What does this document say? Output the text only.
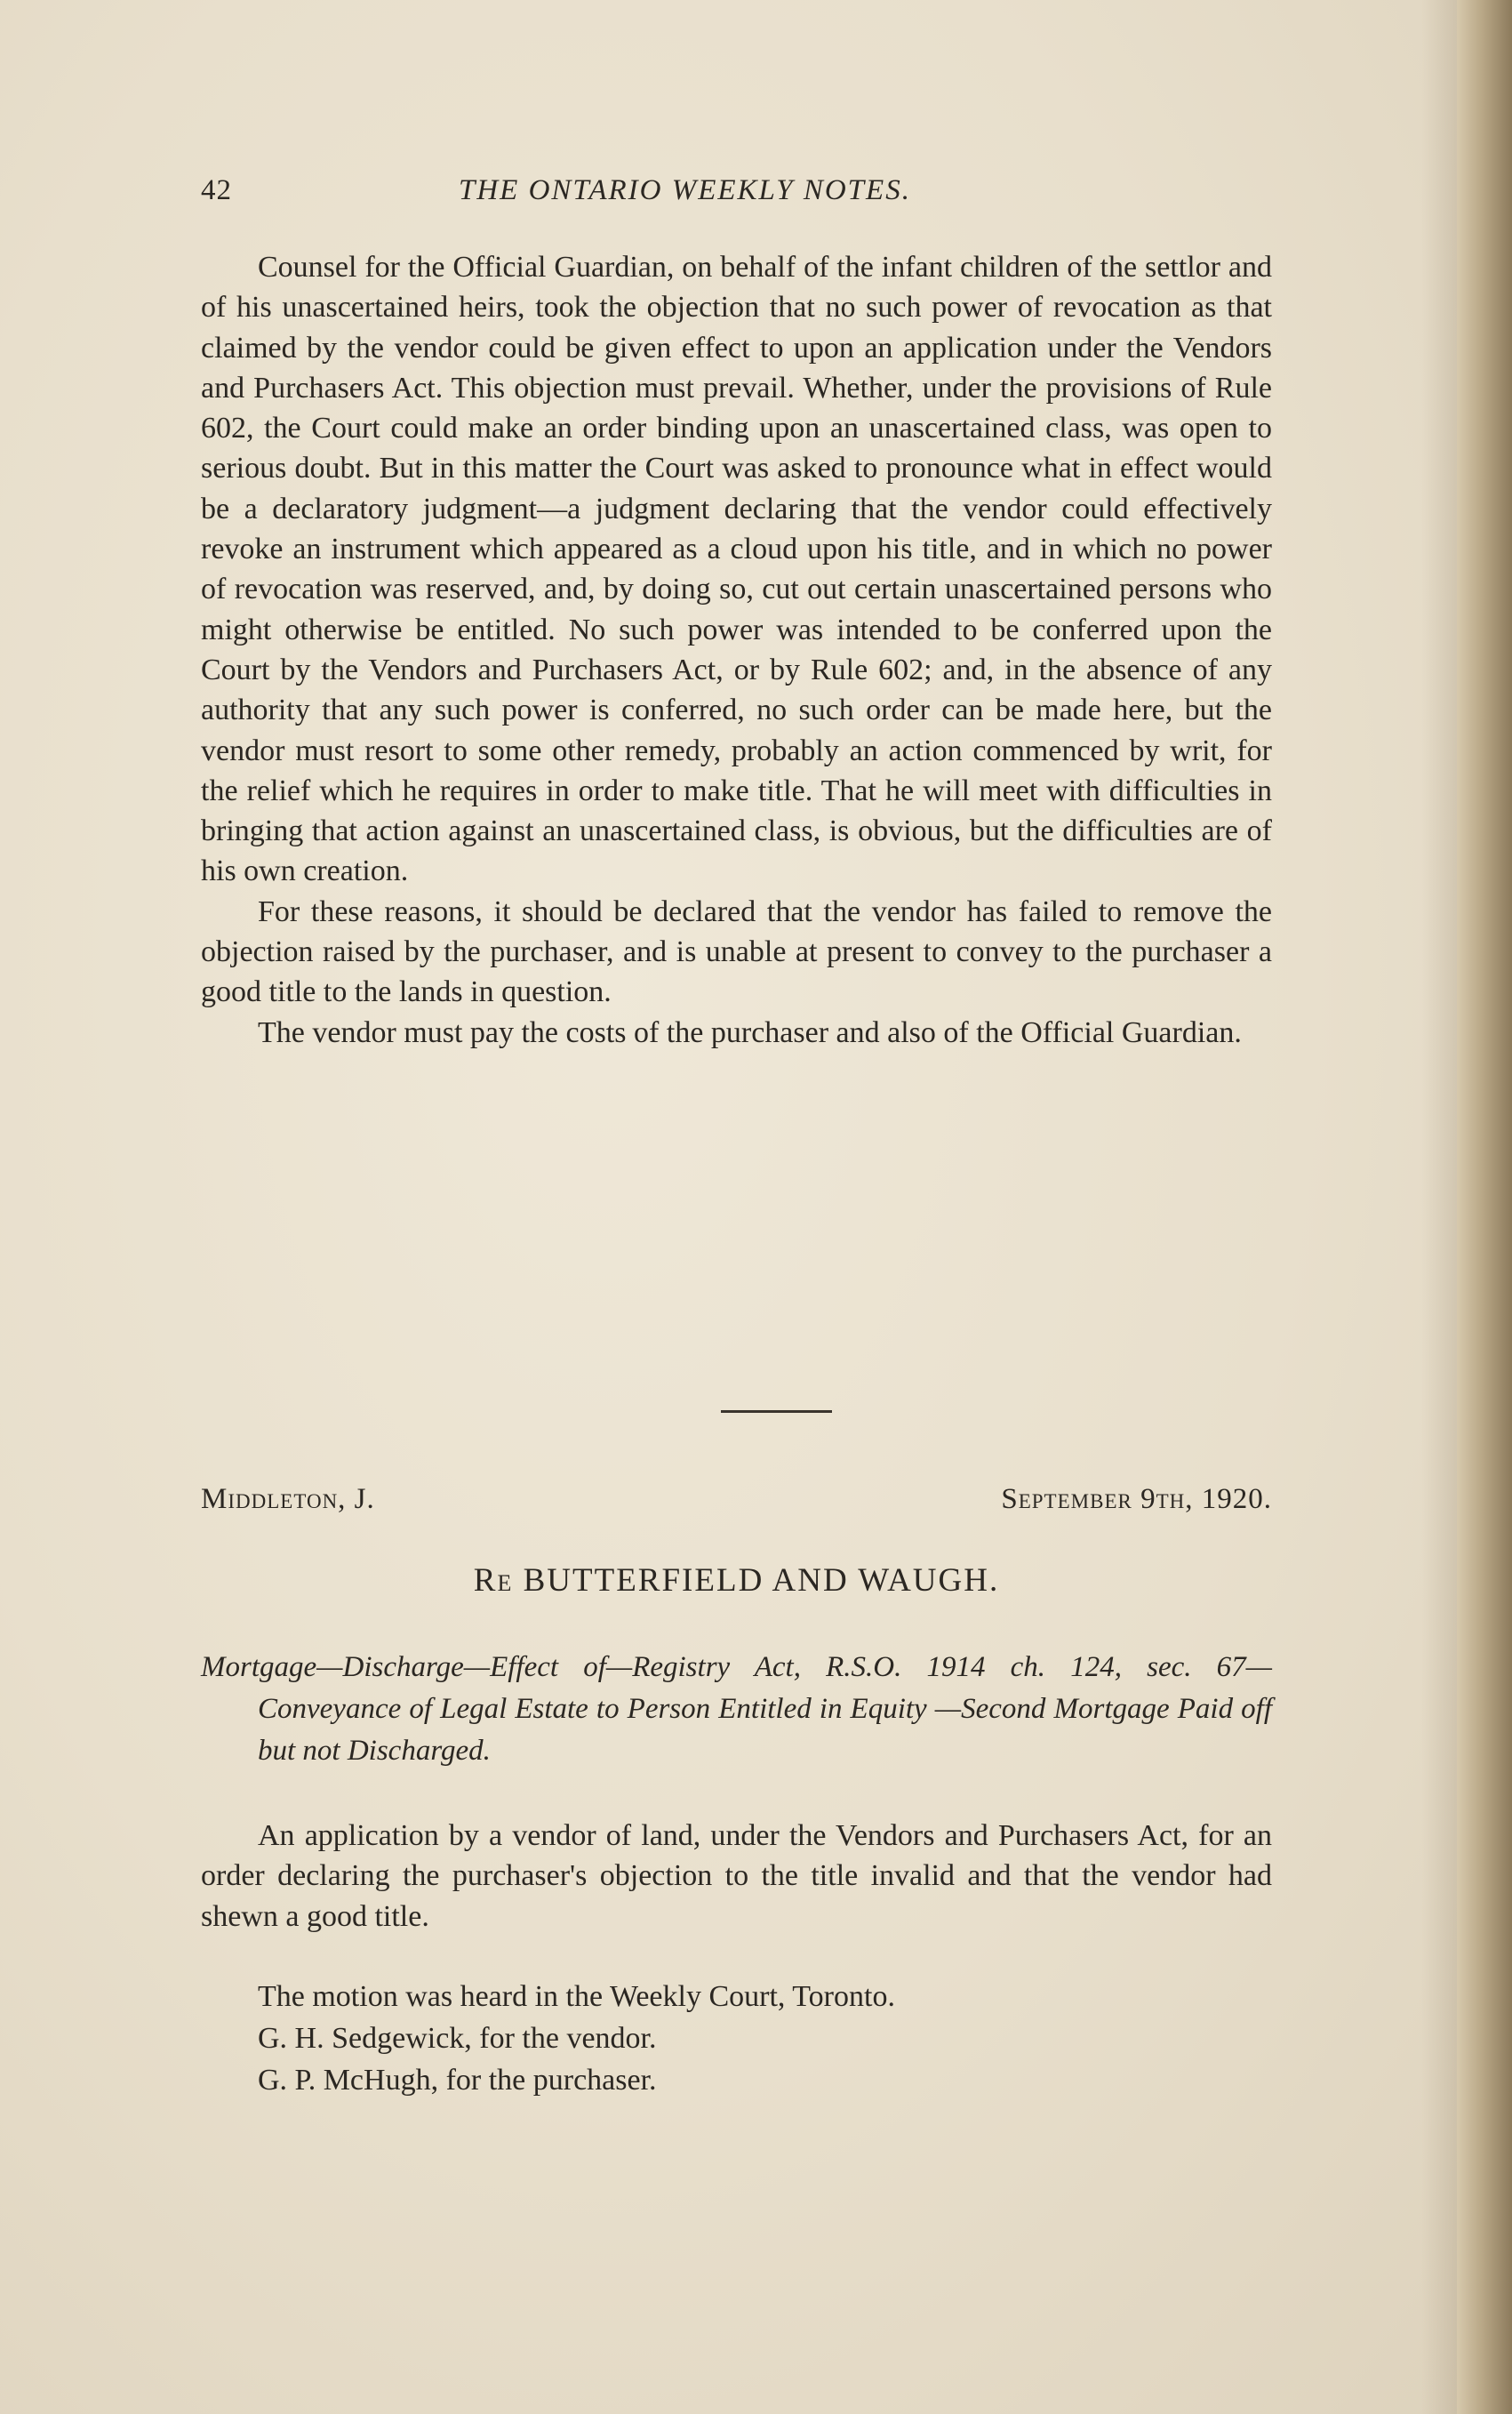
42	THE ONTARIO WEEKLY NOTES.

Counsel for the Official Guardian, on behalf of the infant children of the settlor and of his unascertained heirs, took the objection that no such power of revocation as that claimed by the vendor could be given effect to upon an application under the Vendors and Purchasers Act. This objection must prevail. Whether, under the provisions of Rule 602, the Court could make an order binding upon an unascertained class, was open to serious doubt. But in this matter the Court was asked to pronounce what in effect would be a declaratory judgment—a judgment declaring that the vendor could effectively revoke an instrument which appeared as a cloud upon his title, and in which no power of revocation was reserved, and, by doing so, cut out certain unascertained persons who might otherwise be entitled. No such power was intended to be conferred upon the Court by the Vendors and Purchasers Act, or by Rule 602; and, in the absence of any authority that any such power is conferred, no such order can be made here, but the vendor must resort to some other remedy, probably an action commenced by writ, for the relief which he requires in order to make title. That he will meet with difficulties in bringing that action against an unascertained class, is obvious, but the difficulties are of his own creation.

For these reasons, it should be declared that the vendor has failed to remove the objection raised by the purchaser, and is unable at present to convey to the purchaser a good title to the lands in question.

The vendor must pay the costs of the purchaser and also of the Official Guardian.

Middleton, J.	September 9th, 1920.
Re BUTTERFIELD AND WAUGH.
Mortgage—Discharge—Effect of—Registry Act, R.S.O. 1914 ch. 124, sec. 67—Conveyance of Legal Estate to Person Entitled in Equity —Second Mortgage Paid off but not Discharged.
An application by a vendor of land, under the Vendors and Purchasers Act, for an order declaring the purchaser's objection to the title invalid and that the vendor had shewn a good title.
The motion was heard in the Weekly Court, Toronto.
G. H. Sedgewick, for the vendor.
G. P. McHugh, for the purchaser.
